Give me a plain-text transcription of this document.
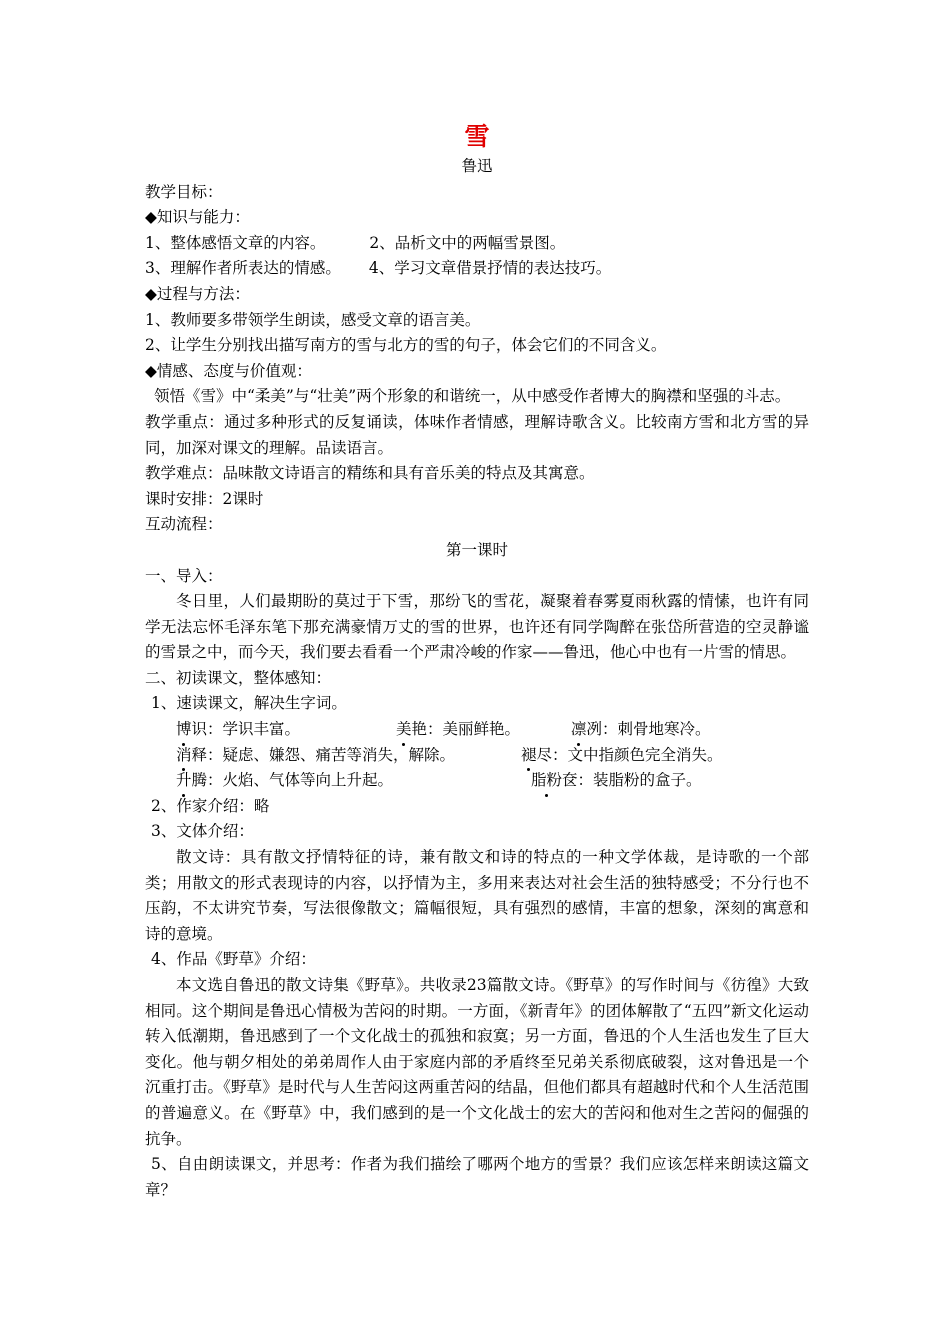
雪
鲁迅
教学目标：
◆知识与能力：
1、整体感悟文章的内容。	2、品析文中的两幅雪景图。
3、理解作者所表达的情感。 4、学习文章借景抒情的表达技巧。
◆过程与方法：
1、教师要多带领学生朗读，感受文章的语言美。
2、让学生分别找出描写南方的雪与北方的雪的句子，体会它们的不同含义。
◆情感、态度与价值观：
领悟《雪》中“柔美”与“壮美”两个形象的和谐统一，从中感受作者博大的胸襟和坚强的斗志。
教学重点：通过多种形式的反复诵读，体味作者情感，理解诗歌含义。比较南方雪和北方雪的异同，加深对课文的理解。品读语言。
教学难点：品味散文诗语言的精练和具有音乐美的特点及其寓意。
课时安排：2课时
互动流程：
第一课时
一、导入：
冬日里，人们最期盼的莫过于下雪，那纷飞的雪花，凝聚着春雾夏雨秋露的情愫，也许有同学无法忘怀毛泽东笔下那充满豪情万丈的雪的世界，也许还有同学陶醉在张岱所营造的空灵静谧的雪景之中，而今天，我们要去看看一个严肃冷峻的作家——鲁迅，他心中也有一片雪的情思。
二、初读课文，整体感知：
1、速读课文，解决生字词。
博识：学识丰富。	美艳：美丽鲜艳。	凛冽：刺骨地寒冷。
消释：疑虑、嫌怨、痛苦等消失，解除。	褪尽：文中指颜色完全消失。
升腾：火焰、气体等向上升起。	脂粉奁：装脂粉的盒子。
2、作家介绍：略
3、文体介绍：
散文诗：具有散文抒情特征的诗，兼有散文和诗的特点的一种文学体裁，是诗歌的一个部类；用散文的形式表现诗的内容，以抒情为主，多用来表达对社会生活的独特感受；不分行也不压韵，不太讲究节奏，写法很像散文；篇幅很短，具有强烈的感情，丰富的想象，深刻的寓意和诗的意境。
4、作品《野草》介绍：
本文选自鲁迅的散文诗集《野草》。共收录23篇散文诗。《野草》的写作时间与《彷徨》大致相同。这个期间是鲁迅心情极为苦闷的时期。一方面，《新青年》的团体解散了“五四”新文化运动转入低潮期，鲁迅感到了一个文化战士的孤独和寂寞；另一方面，鲁迅的个人生活也发生了巨大变化。他与朝夕相处的弟弟周作人由于家庭内部的矛盾终至兄弟关系彻底破裂，这对鲁迅是一个沉重打击。《野草》是时代与人生苦闷这两重苦闷的结晶，但他们都具有超越时代和个人生活范围的普遍意义。在《野草》中，我们感到的是一个文化战士的宏大的苦闷和他对生之苦闷的倔强的抗争。
5、自由朗读课文，并思考：作者为我们描绘了哪两个地方的雪景？我们应该怎样来朗读这篇文章？
